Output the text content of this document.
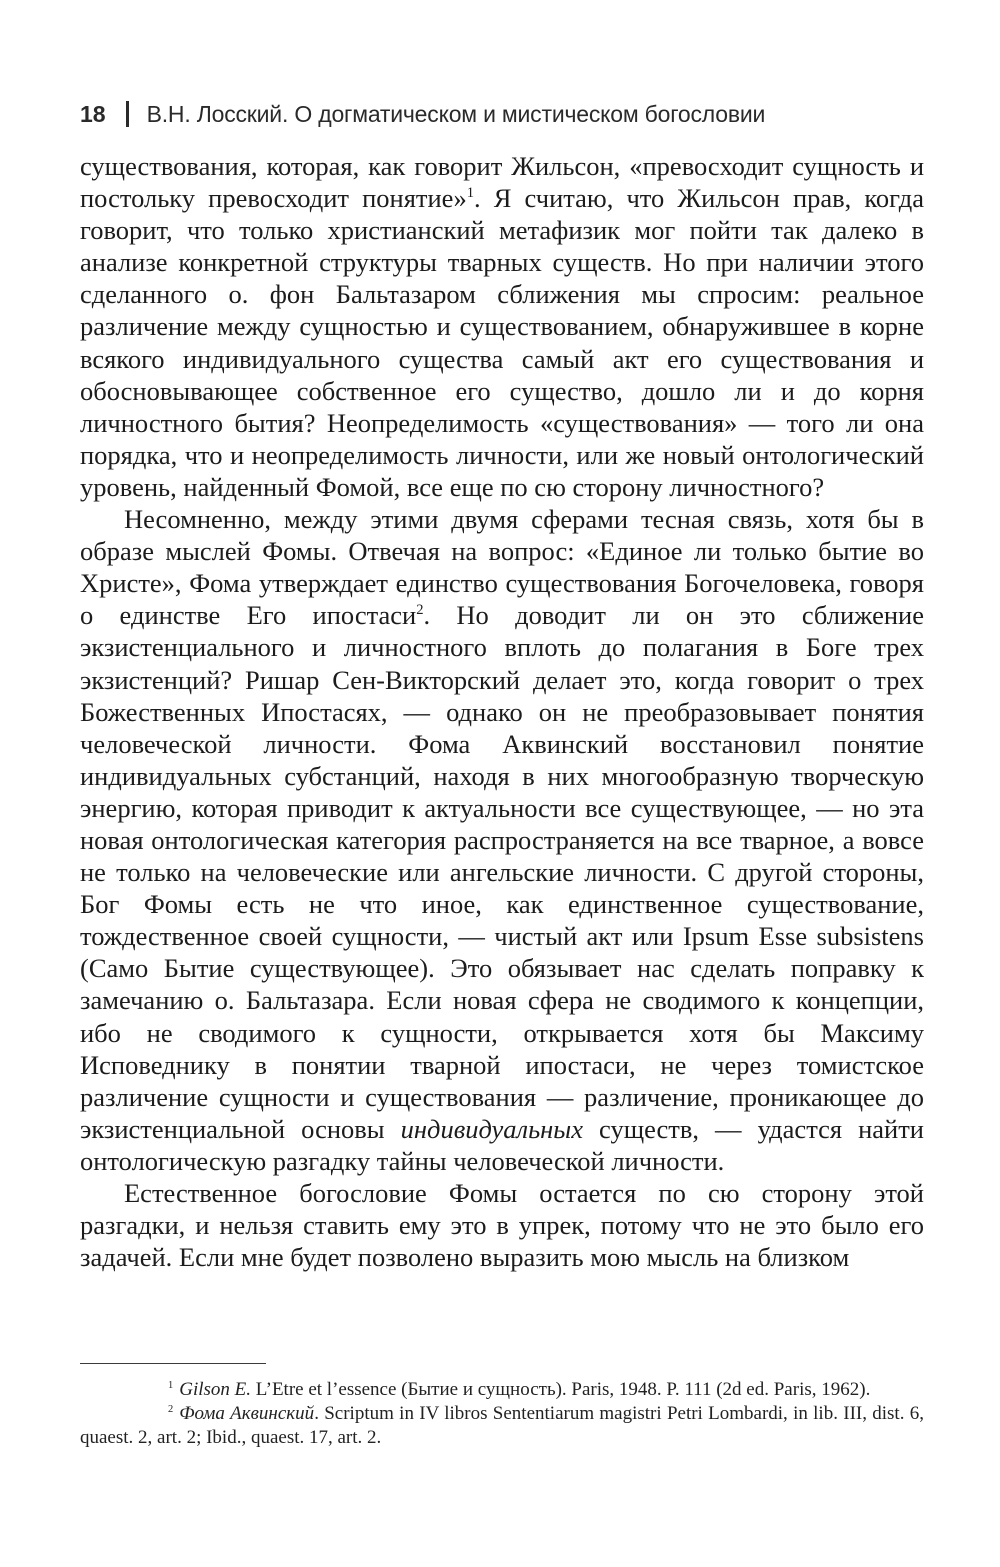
18 В.Н. Лосский. О догматическом и мистическом богословии

существования, которая, как говорит Жильсон, «превосходит сущность и постольку превосходит понятие»$^1$. Я считаю, что Жильсон прав, когда говорит, что только христианский метафизик мог пойти так далеко в анализе конкретной структуры тварных существ. Но при наличии этого сделанного о. фон Бальтазаром сближения мы спросим: реальное различение между сущностью и существованием, обнаружившее в корне всякого индивидуального существа самый акт его существования и обосновывающее собственное его существо, дошло ли и до корня личностного бытия? Неопределимость «существования» — того ли она порядка, что и неопределимость личности, или же новый онтологический уровень, найденный Фомой, все еще по сю сторону личностного?

Несомненно, между этими двумя сферами тесная связь, хотя бы в образе мыслей Фомы. Отвечая на вопрос: «Единое ли только бытие во Христе», Фома утверждает единство существования Богочеловека, говоря о единстве Его ипостаси$^2$. Но доводит ли он это сближение экзистенциального и личностного вплоть до полагания в Боге трех экзистенций? Ришар Сен-Викторский делает это, когда говорит о трех Божественных Ипостасях, — однако он не преобразовывает понятия человеческой личности. Фома Аквинский восстановил понятие индивидуальных субстанций, находя в них многообразную творческую энергию, которая приводит к актуальности все существующее, — но эта новая онтологическая категория распространяется на все тварное, а вовсе не только на человеческие или ангельские личности. С другой стороны, Бог Фомы есть не что иное, как единственное существование, тождественное своей сущности, — чистый акт или Ipsum Esse subsistens (Само Бытие существующее). Это обязывает нас сделать поправку к замечанию о. Бальтазара. Если новая сфера не сводимого к концепции, ибо не сводимого к сущности, открывается хотя бы Максиму Исповеднику в понятии тварной ипостаси, не через томистское различение сущности и существования — различение, проникающее до экзистенциальной основы индивидуальных существ, — удастся найти онтологическую разгадку тайны человеческой личности.

Естественное богословие Фомы остается по сю сторону этой разгадки, и нельзя ставить ему это в упрек, потому что не это было его задачей. Если мне будет позволено выразить мою мысль на близком

$^1$ Gilson E. L’Etre et l’essence (Бытие и сущность). Paris, 1948. P. 111 (2d ed. Paris, 1962).

$^2$ Фома Аквинский. Scriptum in IV libros Sententiarum magistri Petri Lombardi, in lib. III, dist. 6, quaest. 2, art. 2; Ibid., quaest. 17, art. 2.
